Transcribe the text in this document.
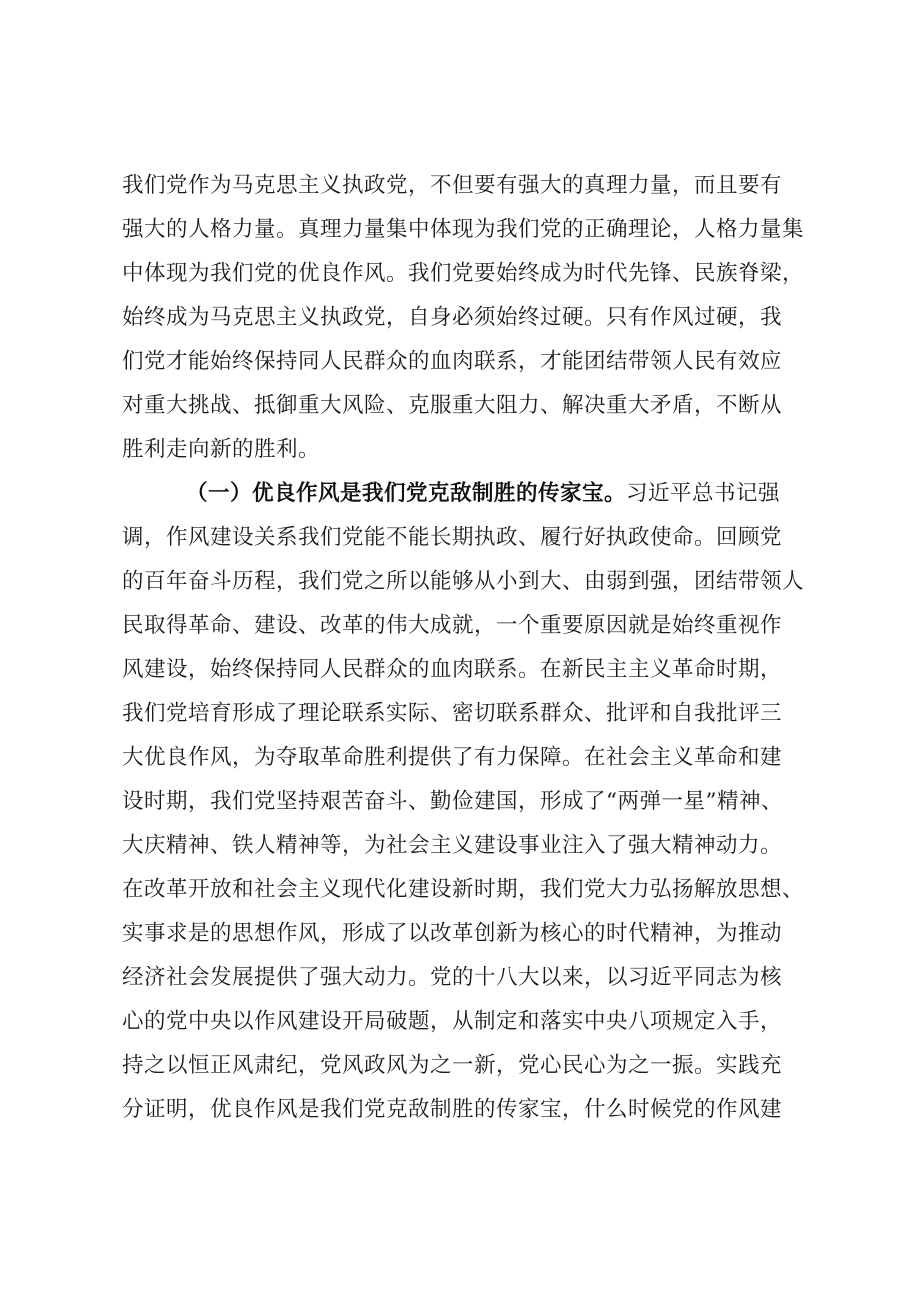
我们党作为马克思主义执政党，不但要有强大的真理力量，而且要有
强大的人格力量。真理力量集中体现为我们党的正确理论，人格力量集
中体现为我们党的优良作风。我们党要始终成为时代先锋、民族脊梁，
始终成为马克思主义执政党，自身必须始终过硬。只有作风过硬，我
们党才能始终保持同人民群众的血肉联系，才能团结带领人民有效应
对重大挑战、抵御重大风险、克服重大阻力、解决重大矛盾，不断从
胜利走向新的胜利。
（一）优良作风是我们党克敌制胜的传家宝。习近平总书记强
调，作风建设关系我们党能不能长期执政、履行好执政使命。回顾党
的百年奋斗历程，我们党之所以能够从小到大、由弱到强，团结带领人
民取得革命、建设、改革的伟大成就，一个重要原因就是始终重视作
风建设，始终保持同人民群众的血肉联系。在新民主主义革命时期，
我们党培育形成了理论联系实际、密切联系群众、批评和自我批评三
大优良作风，为夺取革命胜利提供了有力保障。在社会主义革命和建
设时期，我们党坚持艰苦奋斗、勤俭建国，形成了“两弹一星”精神、
大庆精神、铁人精神等，为社会主义建设事业注入了强大精神动力。
在改革开放和社会主义现代化建设新时期，我们党大力弘扬解放思想、
实事求是的思想作风，形成了以改革创新为核心的时代精神，为推动
经济社会发展提供了强大动力。党的十八大以来，以习近平同志为核
心的党中央以作风建设开局破题，从制定和落实中央八项规定入手，
持之以恒正风肃纪，党风政风为之一新，党心民心为之一振。实践充
分证明，优良作风是我们党克敌制胜的传家宝，什么时候党的作风建
